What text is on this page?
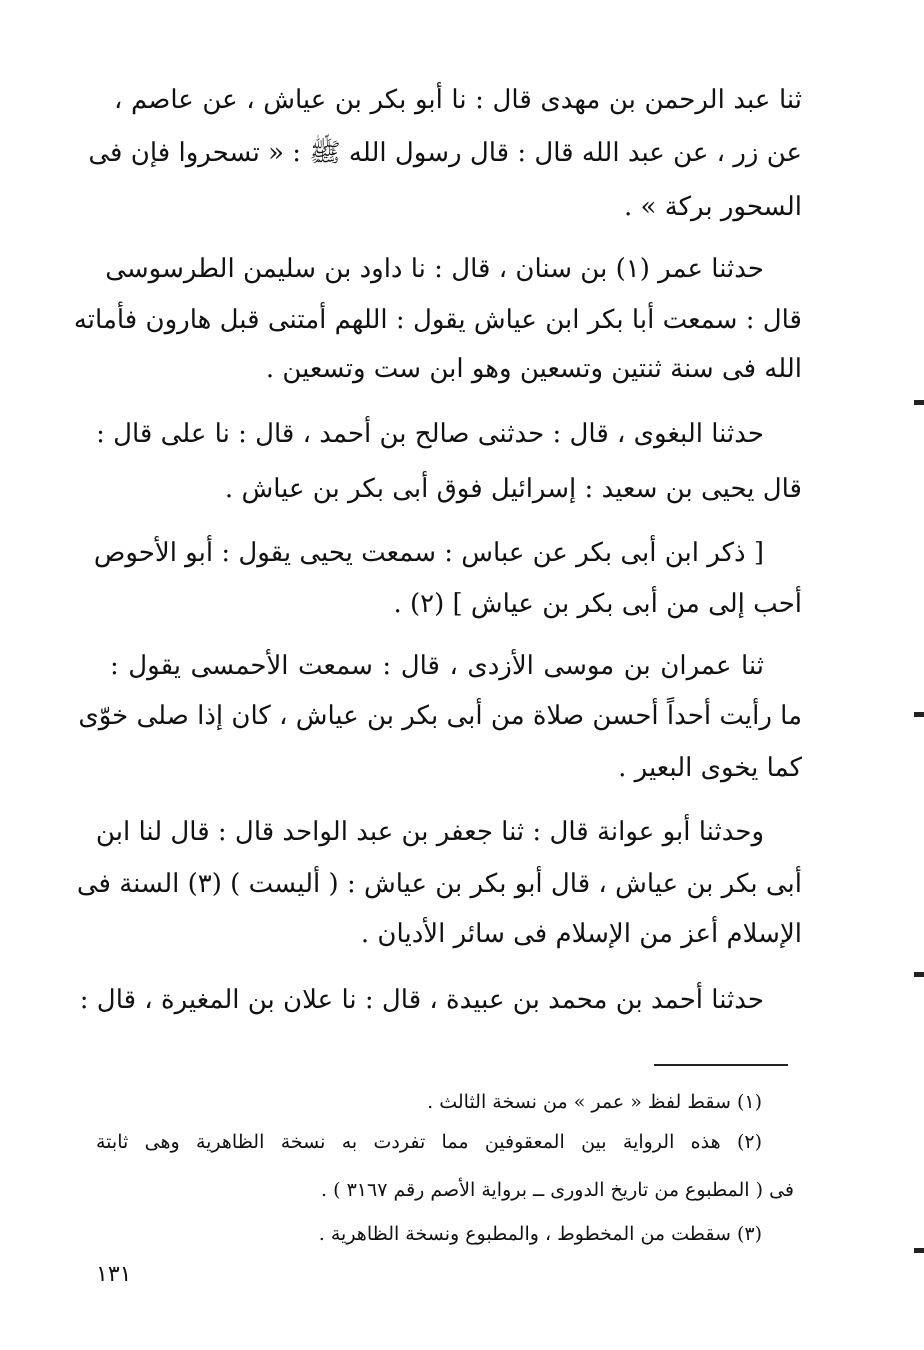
ثنا عبد الرحمن بن مهدى قال : نا أبو بكر بن عياش ، عن عاصم ،
عن زر ، عن عبد الله قال : قال رسول الله ﷺ : « تسحروا فإن فى
السحور بركة » .
حدثنا عمر (١) بن سنان ، قال : نا داود بن سليمن الطرسوسى
قال : سمعت أبا بكر ابن عياش يقول : اللهم أمتنى قبل هارون فأماته
الله فى سنة ثنتين وتسعين وهو ابن ست وتسعين .
حدثنا البغوى ، قال : حدثنى صالح بن أحمد ، قال : نا على قال :
قال يحيى بن سعيد : إسرائيل فوق أبى بكر بن عياش .
[ ذكر ابن أبى بكر عن عباس : سمعت يحيى يقول : أبو الأحوص
أحب إلى من أبى بكر بن عياش ] (٢) .
ثنا عمران بن موسى الأزدى ، قال : سمعت الأحمسى يقول :
ما رأيت أحداً أحسن صلاة من أبى بكر بن عياش ، كان إذا صلى خوّى
كما يخوى البعير .
وحدثنا أبو عوانة قال : ثنا جعفر بن عبد الواحد قال : قال لنا ابن
أبى بكر بن عياش ، قال أبو بكر بن عياش : ( أليست ) (٣) السنة فى
الإسلام أعز من الإسلام فى سائر الأديان .
حدثنا أحمد بن محمد بن عبيدة ، قال : نا علان بن المغيرة ، قال :
(١) سقط لفظ « عمر » من نسخة الثالث .
(٢) هذه الرواية بين المعقوفين مما تفردت به نسخة الظاهرية وهى ثابتة
فى ( المطبوع من تاريخ الدورى ــ برواية الأصم رقم ٣١٦٧ ) .
(٣) سقطت من المخطوط ، والمطبوع ونسخة الظاهرية .
١٣١
